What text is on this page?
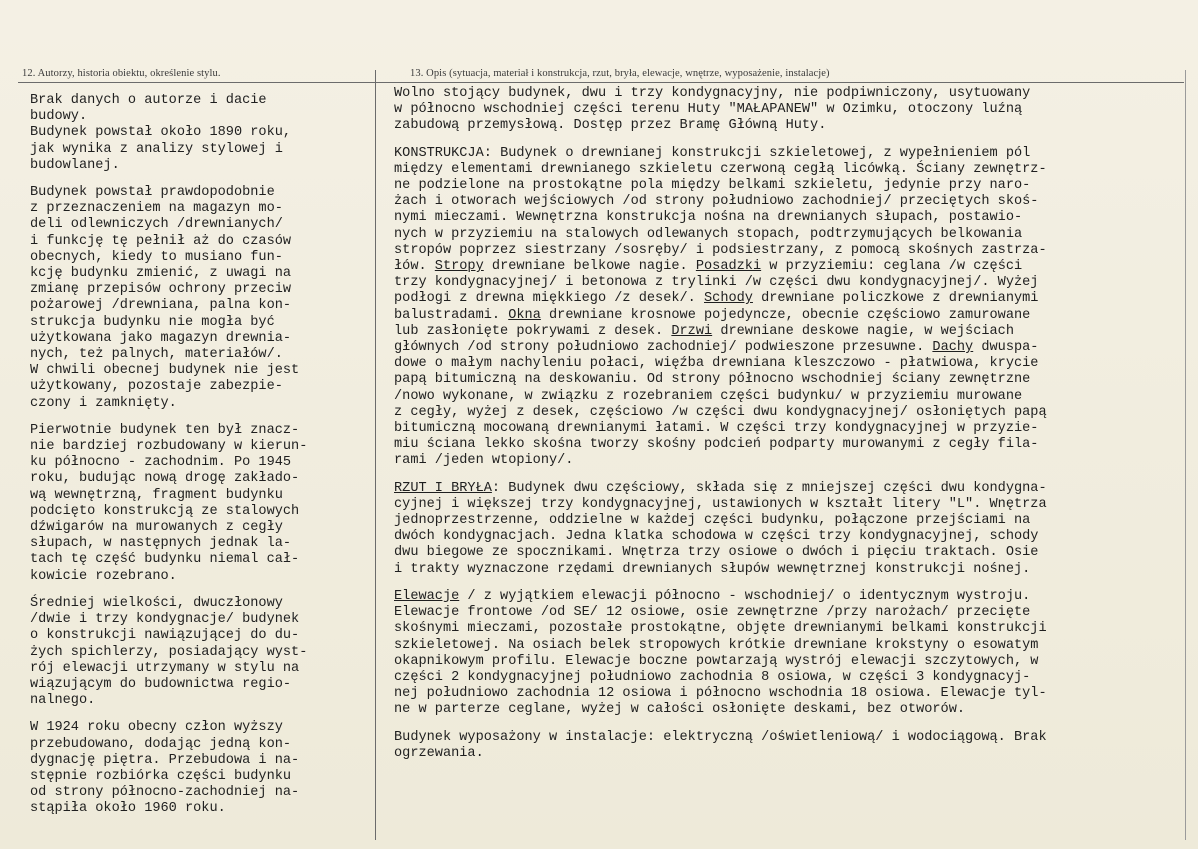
12. Autorzy, historia obiektu, określenie stylu.	13. Opis (sytuacja, materiał i konstrukcja, rzut, bryła, elewacje, wnętrze, wyposażenie, instalacje)

Brak danych o autorze i dacie
budowy.
Budynek powstał około 1890 roku,
jak wynika z analizy stylowej i
budowlanej.

Budynek powstał prawdopodobnie
z przeznaczeniem na magazyn mo-
deli odlewniczych /drewnianych/
i funkcję tę pełnił aż do czasów
obecnych, kiedy to musiano fun-
kcję budynku zmienić, z uwagi na
zmianę przepisów ochrony przeciw
pożarowej /drewniana, palna kon-
strukcja budynku nie mogła być
użytkowana jako magazyn drewnia-
nych, też palnych, materiałów/.
W chwili obecnej budynek nie jest
użytkowany, pozostaje zabezpie-
czony i zamknięty.

Pierwotnie budynek ten był znacz-
nie bardziej rozbudowany w kierun-
ku północno - zachodnim. Po 1945
roku, budując nową drogę zakłado-
wą wewnętrzną, fragment budynku
podcięto konstrukcją ze stalowych
dźwigarów na murowanych z cegły
słupach, w następnych jednak la-
tach tę część budynku niemal cał-
kowicie rozebrano.

Średniej wielkości, dwuczłonowy
/dwie i trzy kondygnacje/ budynek
o konstrukcji nawiązującej do du-
żych spichlerzy, posiadający wyst-
rój elewacji utrzymany w stylu na
wiązującym do budownictwa regio-
nalnego.

W 1924 roku obecny człon wyższy
przebudowano, dodając jedną kon-
dygnację piętra. Przebudowa i na-
stępnie rozbiórka części budynku
od strony północno-zachodniej na-
stąpiła około 1960 roku.

Wolno stojący budynek, dwu i trzy kondygnacyjny, nie podpiwniczony, usytuowany
w północno wschodniej części terenu Huty "MAŁAPANEW" w Ozimku, otoczony luźną
zabudową przemysłową. Dostęp przez Bramę Główną Huty.

KONSTRUKCJA: Budynek o drewnianej konstrukcji szkieletowej, z wypełnieniem pól
między elementami drewnianego szkieletu czerwoną cegłą licówką. Ściany zewnętrz-
ne podzielone na prostokątne pola między belkami szkieletu, jedynie przy naro-
żach i otworach wejściowych /od strony południowo zachodniej/ przeciętych skoś-
nymi mieczami. Wewnętrzna konstrukcja nośna na drewnianych słupach, postawio-
nych w przyziemiu na stalowych odlewanych stopach, podtrzymujących belkowania
stropów poprzez siestrzany /sosręby/ i podsiestrzany, z pomocą skośnych zastrza-
łów. Stropy drewniane belkowe nagie. Posadzki w przyziemiu: ceglana /w części
trzy kondygnacyjnej/ i betonowa z trylinki /w części dwu kondygnacyjnej/. Wyżej
podłogi z drewna miękkiego /z desek/. Schody drewniane policzkowe z drewnianymi
balustradami. Okna drewniane krosnowe pojedyncze, obecnie częściowo zamurowane
lub zasłonięte pokrywami z desek. Drzwi drewniane deskowe nagie, w wejściach
głównych /od strony południowo zachodniej/ podwieszone przesuwne. Dachy dwuspa-
dowe o małym nachyleniu połaci, więźba drewniana kleszczowo - płatwiowa, krycie
papą bitumiczną na deskowaniu. Od strony północno wschodniej ściany zewnętrzne
/nowo wykonane, w związku z rozebraniem części budynku/ w przyziemiu murowane
z cegły, wyżej z desek, częściowo /w części dwu kondygnacyjnej/ osłoniętych papą
bitumiczną mocowaną drewnianymi łatami. W części trzy kondygnacyjnej w przyzie-
miu ściana lekko skośna tworzy skośny podcień podparty murowanymi z cegły fila-
rami /jeden wtopiony/.

RZUT I BRYŁA: Budynek dwu częściowy, składa się z mniejszej części dwu kondygna-
cyjnej i większej trzy kondygnacyjnej, ustawionych w kształt litery "L". Wnętrza
jednoprzestrzenne, oddzielne w każdej części budynku, połączone przejściami na
dwóch kondygnacjach. Jedna klatka schodowa w części trzy kondygnacyjnej, schody
dwu biegowe ze spocznikami. Wnętrza trzy osiowe o dwóch i pięciu traktach. Osie
i trakty wyznaczone rzędami drewnianych słupów wewnętrznej konstrukcji nośnej.

Elewacje / z wyjątkiem elewacji północno - wschodniej/ o identycznym wystroju.
Elewacje frontowe /od SE/ 12 osiowe, osie zewnętrzne /przy narożach/ przecięte
skośnymi mieczami, pozostałe prostokątne, objęte drewnianymi belkami konstrukcji
szkieletowej. Na osiach belek stropowych krótkie drewniane krokstyny o esowatym
okapnikowym profilu. Elewacje boczne powtarzają wystrój elewacji szczytowych, w
części 2 kondygnacyjnej południowo zachodnia 8 osiowa, w części 3 kondygnacyj-
nej południowo zachodnia 12 osiowa i północno wschodnia 18 osiowa. Elewacje tyl-
ne w parterze ceglane, wyżej w całości osłonięte deskami, bez otworów.

Budynek wyposażony w instalacje: elektryczną /oświetleniową/ i wodociągową. Brak
ogrzewania.
